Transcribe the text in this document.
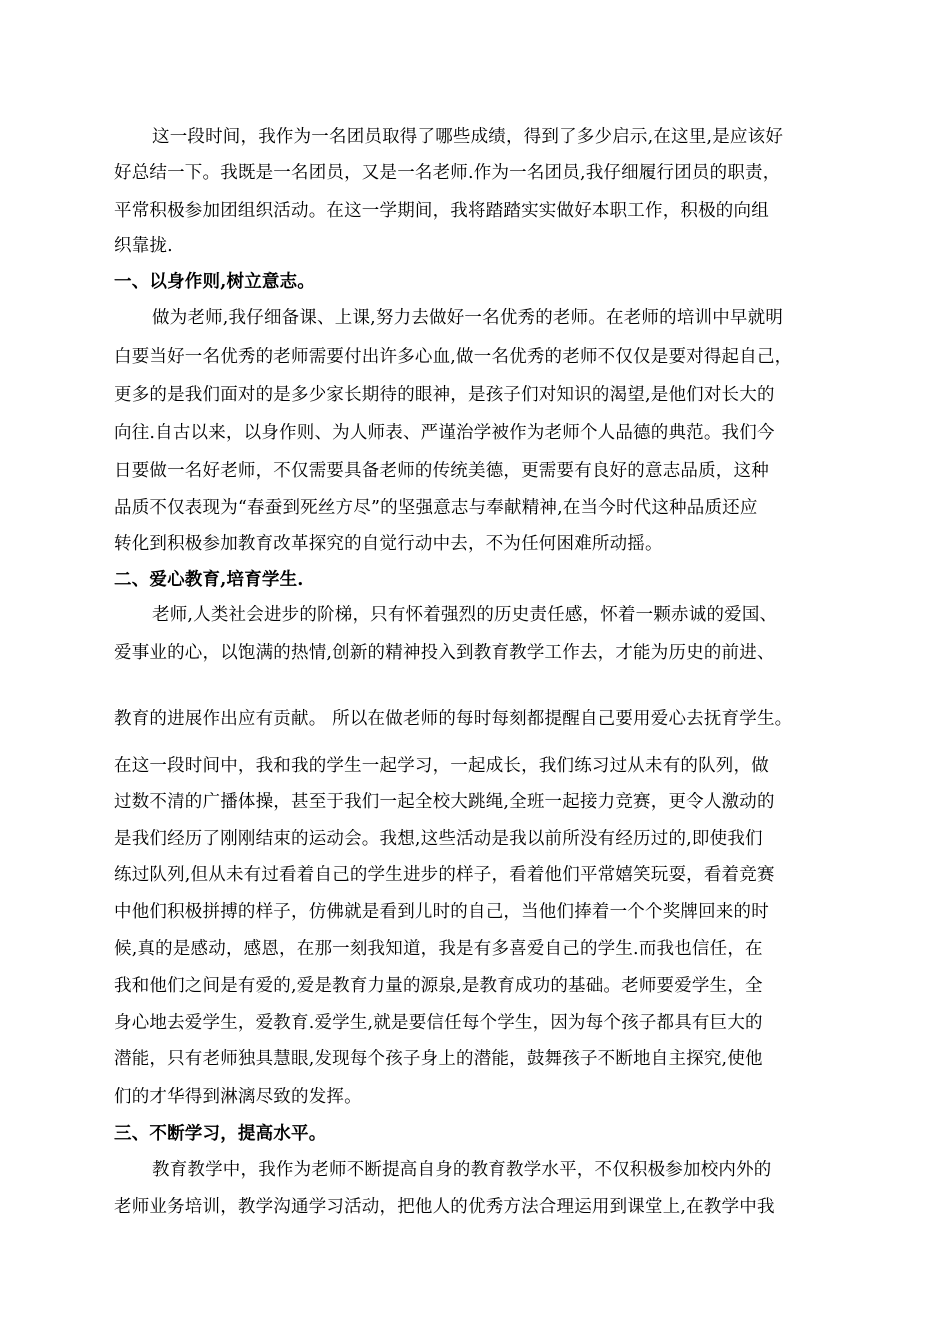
这一段时间，我作为一名团员取得了哪些成绩，得到了多少启示,在这里,是应该好
好总结一下。我既是一名团员，又是一名老师.作为一名团员,我仔细履行团员的职责，
平常积极参加团组织活动。在这一学期间，我将踏踏实实做好本职工作，积极的向组
织靠拢.
一、以身作则,树立意志。
做为老师,我仔细备课、上课,努力去做好一名优秀的老师。在老师的培训中早就明
白要当好一名优秀的老师需要付出许多心血,做一名优秀的老师不仅仅是要对得起自己，
更多的是我们面对的是多少家长期待的眼神，是孩子们对知识的渴望,是他们对长大的
向往.自古以来，以身作则、为人师表、严谨治学被作为老师个人品德的典范。我们今
日要做一名好老师，不仅需要具备老师的传统美德，更需要有良好的意志品质，这种
品质不仅表现为“春蚕到死丝方尽”的坚强意志与奉献精神,在当今时代这种品质还应
转化到积极参加教育改革探究的自觉行动中去，不为任何困难所动摇。
二、爱心教育,培育学生.
老师,人类社会进步的阶梯，只有怀着强烈的历史责任感，怀着一颗赤诚的爱国、
爱事业的心，以饱满的热情,创新的精神投入到教育教学工作去，才能为历史的前进、
教育的进展作出应有贡献。 所以在做老师的每时每刻都提醒自己要用爱心去抚育学生。
在这一段时间中，我和我的学生一起学习，一起成长，我们练习过从未有的队列，做
过数不清的广播体操，甚至于我们一起全校大跳绳,全班一起接力竞赛，更令人激动的
是我们经历了刚刚结束的运动会。我想,这些活动是我以前所没有经历过的,即使我们
练过队列,但从未有过看着自己的学生进步的样子，看着他们平常嬉笑玩耍，看着竞赛
中他们积极拼搏的样子，仿佛就是看到儿时的自己，当他们捧着一个个奖牌回来的时
候,真的是感动，感恩，在那一刻我知道，我是有多喜爱自己的学生.而我也信任，在
我和他们之间是有爱的,爱是教育力量的源泉,是教育成功的基础。老师要爱学生，全
身心地去爱学生，爱教育.爱学生,就是要信任每个学生，因为每个孩子都具有巨大的
潜能，只有老师独具慧眼,发现每个孩子身上的潜能，鼓舞孩子不断地自主探究,使他
们的才华得到淋漓尽致的发挥。
三、不断学习，提高水平。
教育教学中，我作为老师不断提高自身的教育教学水平，不仅积极参加校内外的
老师业务培训，教学沟通学习活动，把他人的优秀方法合理运用到课堂上,在教学中我
